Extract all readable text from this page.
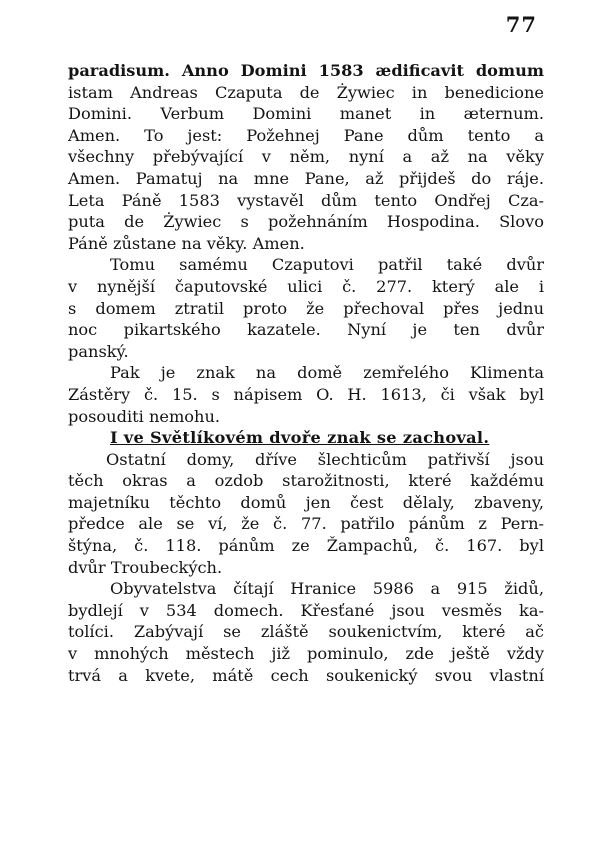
77
paradisum. Anno Domini 1583 ædificavit domum
istam Andreas Czaputa de Żywiec in benedicione
Domini. Verbum Domini manet in æternum.
Amen. To jest: Požehnej Pane dům tento a
všechny přebývající v něm, nyní a až na věky
Amen. Pamatuj na mne Pane, až přijdeš do ráje.
Leta Páně 1583 vystavěl dům tento Ondřej Cza-
puta de Żywiec s požehnáním Hospodina. Slovo
Páně zůstane na věky. Amen.
Tomu samému Czaputovi patřil také dvůr
v nynější čaputovské ulici č. 277. který ale i
s domem ztratil proto že přechoval přes jednu
noc pikartského kazatele. Nyní je ten dvůr
panský.
Pak je znak na domě zemřelého Klimenta
Zástěry č. 15. s nápisem O. H. 1613, či však byl
posouditi nemohu.
I ve Světlíkovém dvoře znak se zachoval.
Ostatní domy, dříve šlechticům patřivší jsou
těch okras a ozdob starožitnosti, které každému
majetníku těchto domů jen čest dělaly, zbaveny,
předce ale se ví, že č. 77. patřilo pánům z Pern-
štýna, č. 118. pánům ze Žampachů, č. 167. byl
dvůr Troubeckých.
Obyvatelstva čítají Hranice 5986 a 915 židů,
bydlejí v 534 domech. Křesťané jsou vesměs ka-
tolíci. Zabývají se zláště soukenictvím, které ač
v mnohých městech již pominulo, zde ještě vždy
trvá a kvete, mátě cech soukenický svou vlastní
